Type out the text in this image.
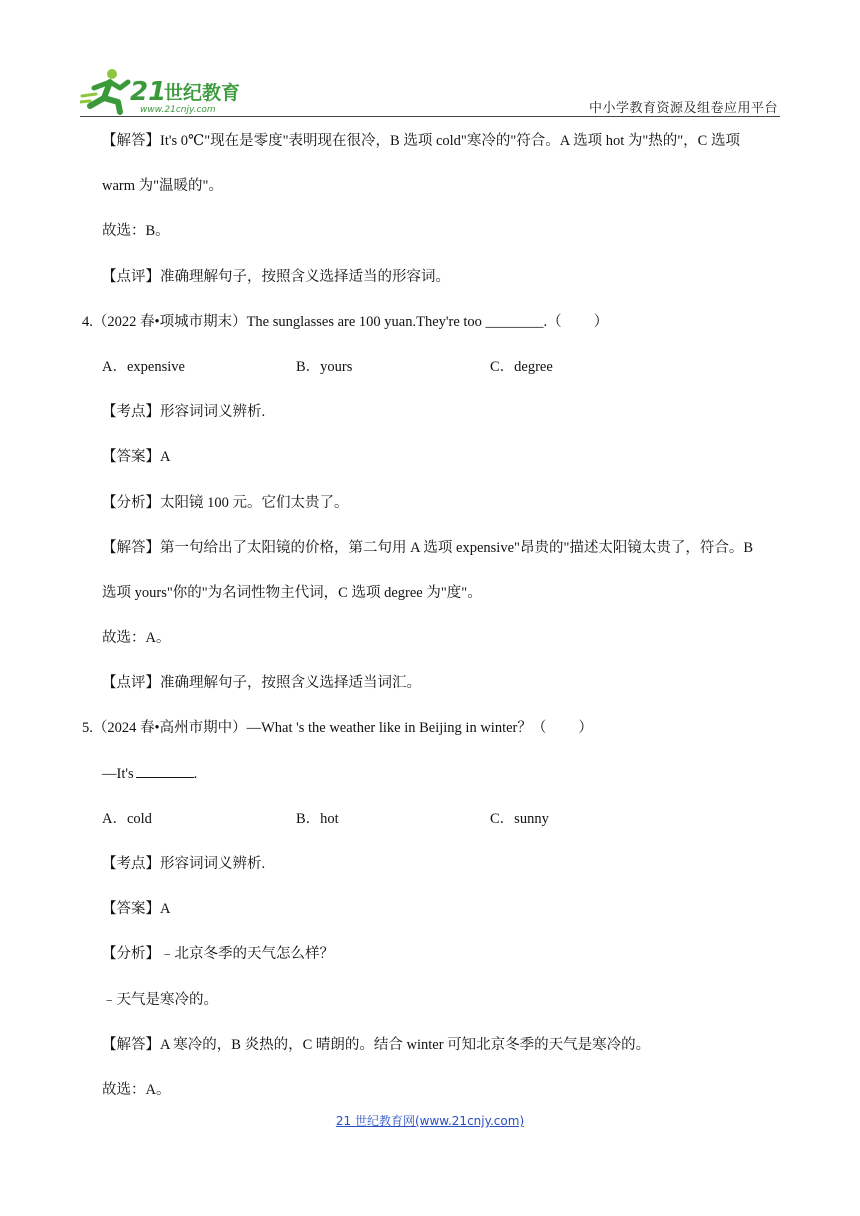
21
世纪教育
www.21cnjy.com	中小学教育资源及组卷应用平台
【解答】It's 0℃"现在是零度"表明现在很冷，B 选项 cold"寒冷的"符合。A 选项 hot 为"热的"，C 选项
warm 为"温暖的"。
故选：B。
【点评】准确理解句子，按照含义选择适当的形容词。
4.（2022 春•项城市期末）The sunglasses are 100 yuan.They're too ________.（ ）
A．expensive	B．yours	C．degree
【考点】形容词词义辨析.
【答案】A
【分析】太阳镜 100 元。它们太贵了。
【解答】第一句给出了太阳镜的价格，第二句用 A 选项 expensive"昂贵的"描述太阳镜太贵了，符合。B
选项 yours"你的"为名词性物主代词，C 选项 degree 为"度"。
故选：A。
【点评】准确理解句子，按照含义选择适当词汇。
5.（2024 春•高州市期中）—What 's the weather like in Beijing in winter？（ ）
—It's	.
A．cold	B．hot	C．sunny
【考点】形容词词义辨析.
【答案】A
【分析】﹣北京冬季的天气怎么样？
﹣天气是寒冷的。
【解答】A 寒冷的，B 炎热的，C 晴朗的。结合 winter 可知北京冬季的天气是寒冷的。
故选：A。
21 世纪教育网(www.21cnjy.com)
